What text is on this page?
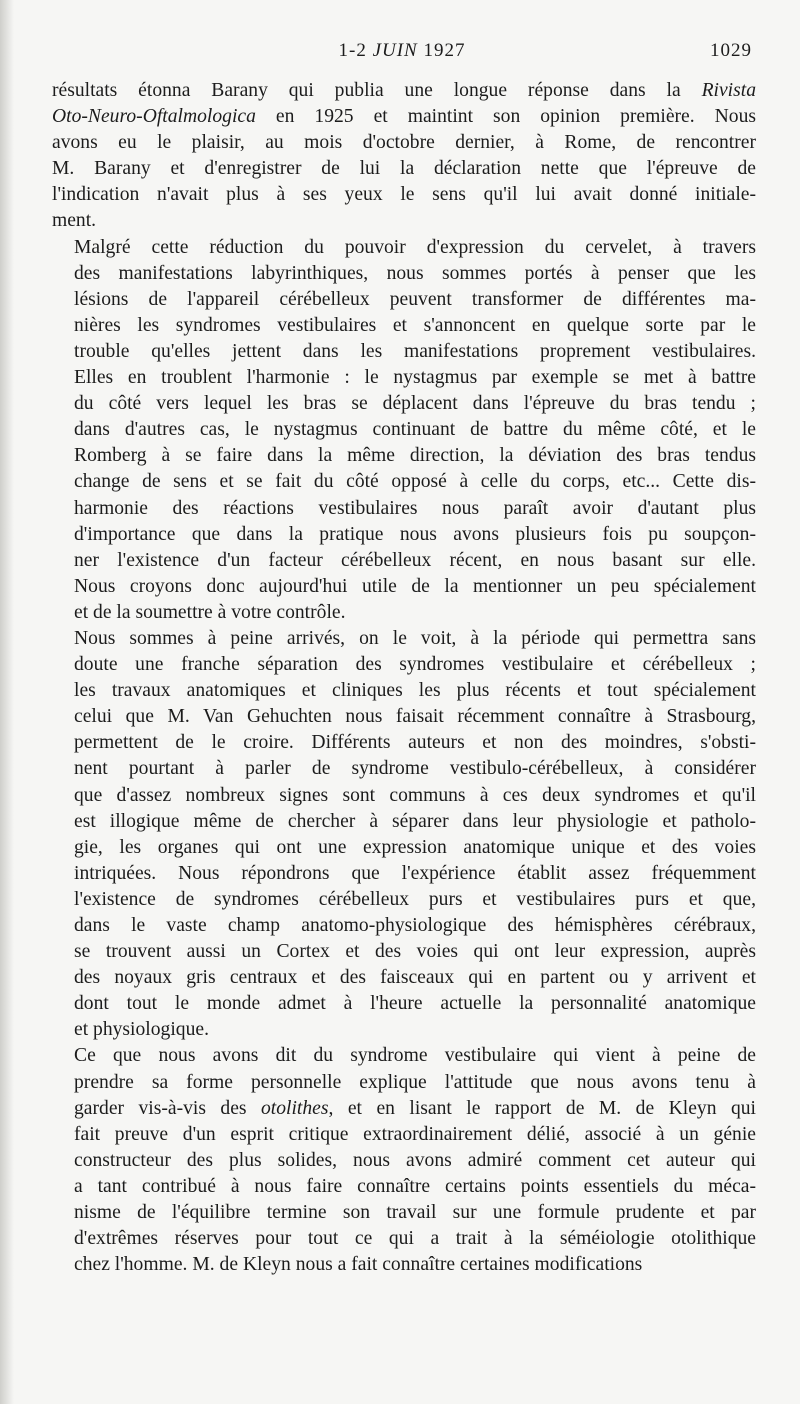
1-2 JUIN 1927	1029

résultats étonna Barany qui publia une longue réponse dans la Rivista
Oto-Neuro-Oftalmologica en 1925 et maintint son opinion première. Nous
avons eu le plaisir, au mois d'octobre dernier, à Rome, de rencontrer
M. Barany et d'enregistrer de lui la déclaration nette que l'épreuve de
l'indication n'avait plus à ses yeux le sens qu'il lui avait donné initiale-
ment.

Malgré cette réduction du pouvoir d'expression du cervelet, à travers
des manifestations labyrinthiques, nous sommes portés à penser que les
lésions de l'appareil cérébelleux peuvent transformer de différentes ma-
nières les syndromes vestibulaires et s'annoncent en quelque sorte par le
trouble qu'elles jettent dans les manifestations proprement vestibulaires.
Elles en troublent l'harmonie : le nystagmus par exemple se met à battre
du côté vers lequel les bras se déplacent dans l'épreuve du bras tendu ;
dans d'autres cas, le nystagmus continuant de battre du même côté, et le
Romberg à se faire dans la même direction, la déviation des bras tendus
change de sens et se fait du côté opposé à celle du corps, etc... Cette dis-
harmonie des réactions vestibulaires nous paraît avoir d'autant plus
d'importance que dans la pratique nous avons plusieurs fois pu soupçon-
ner l'existence d'un facteur cérébelleux récent, en nous basant sur elle.
Nous croyons donc aujourd'hui utile de la mentionner un peu spécialement
et de la soumettre à votre contrôle.

Nous sommes à peine arrivés, on le voit, à la période qui permettra sans
doute une franche séparation des syndromes vestibulaire et cérébelleux ;
les travaux anatomiques et cliniques les plus récents et tout spécialement
celui que M. Van Gehuchten nous faisait récemment connaître à Strasbourg,
permettent de le croire. Différents auteurs et non des moindres, s'obsti-
nent pourtant à parler de syndrome vestibulo-cérébelleux, à considérer
que d'assez nombreux signes sont communs à ces deux syndromes et qu'il
est illogique même de chercher à séparer dans leur physiologie et patholo-
gie, les organes qui ont une expression anatomique unique et des voies
intriquées. Nous répondrons que l'expérience établit assez fréquemment
l'existence de syndromes cérébelleux purs et vestibulaires purs et que,
dans le vaste champ anatomo-physiologique des hémisphères cérébraux,
se trouvent aussi un Cortex et des voies qui ont leur expression, auprès
des noyaux gris centraux et des faisceaux qui en partent ou y arrivent et
dont tout le monde admet à l'heure actuelle la personnalité anatomique
et physiologique.

Ce que nous avons dit du syndrome vestibulaire qui vient à peine de
prendre sa forme personnelle explique l'attitude que nous avons tenu à
garder vis-à-vis des otolithes, et en lisant le rapport de M. de Kleyn qui
fait preuve d'un esprit critique extraordinairement délié, associé à un génie
constructeur des plus solides, nous avons admiré comment cet auteur qui
a tant contribué à nous faire connaître certains points essentiels du méca-
nisme de l'équilibre termine son travail sur une formule prudente et par
d'extrêmes réserves pour tout ce qui a trait à la séméiologie otolithique
chez l'homme. M. de Kleyn nous a fait connaître certaines modifications
